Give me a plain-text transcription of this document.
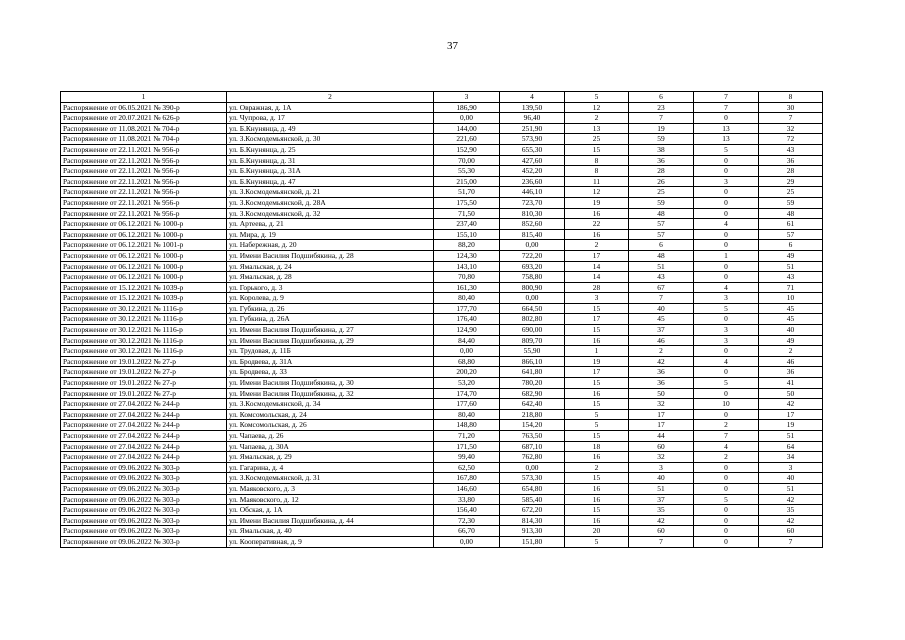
37
1	2	3	4	5	6	7	8
Распоряжение от 06.05.2021 № 390-р	ул. Овражная, д. 1А	186,90	139,50	12	23	7	30
Распоряжение от 20.07.2021 № 626-р	ул. Чупрова, д. 17	0,00	96,40	2	7	0	7
Распоряжение от 11.08.2021 № 704-р	ул. Б.Кнунянца, д. 49	144,00	251,90	13	19	13	32
Распоряжение от 11.08.2021 № 704-р	ул. З.Космодемьянской, д. 30	221,60	573,90	25	59	13	72
Распоряжение от 22.11.2021 № 956-р	ул. Б.Кнунянца, д. 25	152,90	655,30	15	38	5	43
Распоряжение от 22.11.2021 № 956-р	ул. Б.Кнунянца, д. 31	70,00	427,60	8	36	0	36
Распоряжение от 22.11.2021 № 956-р	ул. Б.Кнунянца, д. 31А	55,30	452,20	8	28	0	28
Распоряжение от 22.11.2021 № 956-р	ул. Б.Кнунянца, д. 47	215,00	236,60	11	26	3	29
Распоряжение от 22.11.2021 № 956-р	ул. З.Космодемьянской, д. 21	51,70	446,10	12	25	0	25
Распоряжение от 22.11.2021 № 956-р	ул. З.Космодемьянской, д. 28А	175,50	723,70	19	59	0	59
Распоряжение от 22.11.2021 № 956-р	ул. З.Космодемьянской, д. 32	71,50	810,30	16	48	0	48
Распоряжение от 06.12.2021 № 1000-р	ул. Артеева, д. 21	237,40	852,60	22	57	4	61
Распоряжение от 06.12.2021 № 1000-р	ул. Мира, д. 19	155,10	815,40	16	57	0	57
Распоряжение от 06.12.2021 № 1001-р	ул. Набережная, д. 20	88,20	0,00	2	6	0	6
Распоряжение от 06.12.2021 № 1000-р	ул. Имени Василия Подшибякина, д. 28	124,30	722,20	17	48	1	49
Распоряжение от 06.12.2021 № 1000-р	ул. Ямальская, д. 24	143,10	693,20	14	51	0	51
Распоряжение от 06.12.2021 № 1000-р	ул. Ямальская, д. 28	70,80	758,80	14	43	0	43
Распоряжение от 15.12.2021 № 1039-р	ул. Горького, д. 3	161,30	800,90	28	67	4	71
Распоряжение от 15.12.2021 № 1039-р	ул. Королева, д. 9	80,40	0,00	3	7	3	10
Распоряжение от 30.12.2021 № 1116-р	ул. Губкина, д. 26	177,70	664,50	15	40	5	45
Распоряжение от 30.12.2021 № 1116-р	ул. Губкина, д. 26А	176,40	802,80	17	45	0	45
Распоряжение от 30.12.2021 № 1116-р	ул. Имени Василия Подшибякина, д. 27	124,90	690,00	15	37	3	40
Распоряжение от 30.12.2021 № 1116-р	ул. Имени Василия Подшибякина, д. 29	84,40	809,70	16	46	3	49
Распоряжение от 30.12.2021 № 1116-р	ул. Трудовая, д. 11Б	0,00	55,90	1	2	0	2
Распоряжение от 19.01.2022 № 27-р	ул. Бродвева, д. 31А	68,80	866,10	19	42	4	46
Распоряжение от 19.01.2022 № 27-р	ул. Бродвева, д. 33	200,20	641,80	17	36	0	36
Распоряжение от 19.01.2022 № 27-р	ул. Имени Василия Подшибякина, д. 30	53,20	780,20	15	36	5	41
Распоряжение от 19.01.2022 № 27-р	ул. Имени Василия Подшибякина, д. 32	174,70	682,90	16	50	0	50
Распоряжение от 27.04.2022 № 244-р	ул. З.Космодемьянской, д. 34	177,60	642,40	15	32	10	42
Распоряжение от 27.04.2022 № 244-р	ул. Комсомольская, д. 24	80,40	218,80	5	17	0	17
Распоряжение от 27.04.2022 № 244-р	ул. Комсомольская, д. 26	148,80	154,20	5	17	2	19
Распоряжение от 27.04.2022 № 244-р	ул. Чапаева, д. 26	71,20	763,50	15	44	7	51
Распоряжение от 27.04.2022 № 244-р	ул. Чапаева, д. 30А	171,50	687,10	18	60	4	64
Распоряжение от 27.04.2022 № 244-р	ул. Ямальская, д. 29	99,40	762,80	16	32	2	34
Распоряжение от 09.06.2022 № 303-р	ул. Гагарина, д. 4	62,50	0,00	2	3	0	3
Распоряжение от 09.06.2022 № 303-р	ул. З.Космодемьянской, д. 31	167,80	573,30	15	40	0	40
Распоряжение от 09.06.2022 № 303-р	ул. Маяковского, д. 3	146,60	654,80	16	51	0	51
Распоряжение от 09.06.2022 № 303-р	ул. Маяковского, д. 12	33,80	585,40	16	37	5	42
Распоряжение от 09.06.2022 № 303-р	ул. Обская, д. 1А	156,40	672,20	15	35	0	35
Распоряжение от 09.06.2022 № 303-р	ул. Имени Василия Подшибякина, д. 44	72,30	814,30	16	42	0	42
Распоряжение от 09.06.2022 № 303-р	ул. Ямальская, д. 40	66,70	913,30	20	60	0	60
Распоряжение от 09.06.2022 № 303-р	ул. Кооперативная, д. 9	0,00	151,80	5	7	0	7
